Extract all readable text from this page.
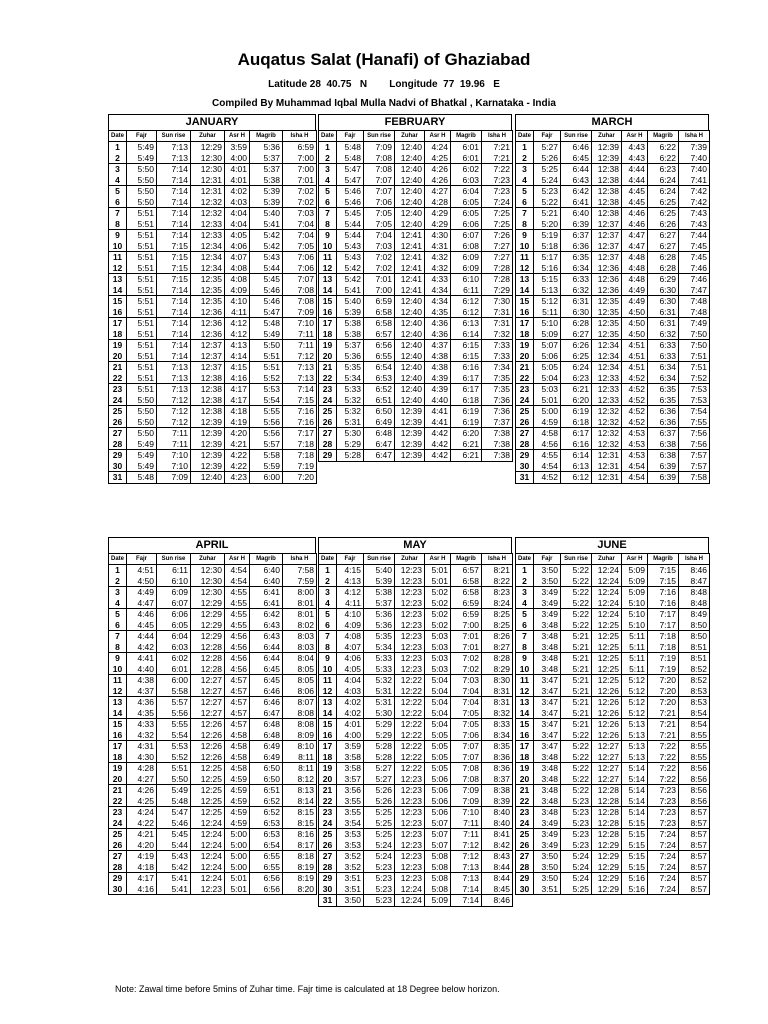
Auqatus Salat (Hanafi) of Ghaziabad
Latitude 28  40.75   N        Longitude  77  19.96   E
Compiled By Muhammad Iqbal Mulla Nadvi of Bhatkal , Karnataka - India
JANUARY
Date	Fajr	Sun rise	Zuhar	Asr H	Magrib	Isha H
1	5:49	7:13	12:29	3:59	5:36	6:59
2	5:49	7:13	12:30	4:00	5:37	7:00
3	5:50	7:14	12:30	4:01	5:37	7:00
4	5:50	7:14	12:31	4:01	5:38	7:01
5	5:50	7:14	12:31	4:02	5:39	7:02
6	5:50	7:14	12:32	4:03	5:39	7:02
7	5:51	7:14	12:32	4:04	5:40	7:03
8	5:51	7:14	12:33	4:04	5:41	7:04
9	5:51	7:14	12:33	4:05	5:42	7:04
10	5:51	7:15	12:34	4:06	5:42	7:05
11	5:51	7:15	12:34	4:07	5:43	7:06
12	5:51	7:15	12:34	4:08	5:44	7:06
13	5:51	7:15	12:35	4:08	5:45	7:07
14	5:51	7:14	12:35	4:09	5:46	7:08
15	5:51	7:14	12:35	4:10	5:46	7:08
16	5:51	7:14	12:36	4:11	5:47	7:09
17	5:51	7:14	12:36	4:12	5:48	7:10
18	5:51	7:14	12:36	4:12	5:49	7:11
19	5:51	7:14	12:37	4:13	5:50	7:11
20	5:51	7:14	12:37	4:14	5:51	7:12
21	5:51	7:13	12:37	4:15	5:51	7:13
22	5:51	7:13	12:38	4:16	5:52	7:13
23	5:51	7:13	12:38	4:17	5:53	7:14
24	5:50	7:12	12:38	4:17	5:54	7:15
25	5:50	7:12	12:38	4:18	5:55	7:16
26	5:50	7:12	12:39	4:19	5:56	7:16
27	5:50	7:11	12:39	4:20	5:56	7:17
28	5:49	7:11	12:39	4:21	5:57	7:18
29	5:49	7:10	12:39	4:22	5:58	7:18
30	5:49	7:10	12:39	4:22	5:59	7:19
31	5:48	7:09	12:40	4:23	6:00	7:20
FEBRUARY
Date	Fajr	Sun rise	Zuhar	Asr H	Magrib	Isha H
1	5:48	7:09	12:40	4:24	6:01	7:21
2	5:48	7:08	12:40	4:25	6:01	7:21
3	5:47	7:08	12:40	4:26	6:02	7:22
4	5:47	7:07	12:40	4:26	6:03	7:23
5	5:46	7:07	12:40	4:27	6:04	7:23
6	5:46	7:06	12:40	4:28	6:05	7:24
7	5:45	7:05	12:40	4:29	6:05	7:25
8	5:44	7:05	12:40	4:29	6:06	7:25
9	5:44	7:04	12:41	4:30	6:07	7:26
10	5:43	7:03	12:41	4:31	6:08	7:27
11	5:43	7:02	12:41	4:32	6:09	7:27
12	5:42	7:02	12:41	4:32	6:09	7:28
13	5:42	7:01	12:41	4:33	6:10	7:28
14	5:41	7:00	12:41	4:34	6:11	7:29
15	5:40	6:59	12:40	4:34	6:12	7:30
16	5:39	6:58	12:40	4:35	6:12	7:31
17	5:38	6:58	12:40	4:36	6:13	7:31
18	5:38	6:57	12:40	4:36	6:14	7:32
19	5:37	6:56	12:40	4:37	6:15	7:33
20	5:36	6:55	12:40	4:38	6:15	7:33
21	5:35	6:54	12:40	4:38	6:16	7:34
22	5:34	6:53	12:40	4:39	6:17	7:35
23	5:33	6:52	12:40	4:39	6:17	7:35
24	5:32	6:51	12:40	4:40	6:18	7:36
25	5:32	6:50	12:39	4:41	6:19	7:36
26	5:31	6:49	12:39	4:41	6:19	7:37
27	5:30	6:48	12:39	4:42	6:20	7:38
28	5:29	6:47	12:39	4:42	6:21	7:38
29	5:28	6:47	12:39	4:42	6:21	7:38
MARCH
Date	Fajr	Sun rise	Zuhar	Asr H	Magrib	Isha H
1	5:27	6:46	12:39	4:43	6:22	7:39
2	5:26	6:45	12:39	4:43	6:22	7:40
3	5:25	6:44	12:38	4:44	6:23	7:40
4	5:24	6:43	12:38	4:44	6:24	7:41
5	5:23	6:42	12:38	4:45	6:24	7:42
6	5:22	6:41	12:38	4:45	6:25	7:42
7	5:21	6:40	12:38	4:46	6:25	7:43
8	5:20	6:39	12:37	4:46	6:26	7:43
9	5:19	6:37	12:37	4:47	6:27	7:44
10	5:18	6:36	12:37	4:47	6:27	7:45
11	5:17	6:35	12:37	4:48	6:28	7:45
12	5:16	6:34	12:36	4:48	6:28	7:46
13	5:15	6:33	12:36	4:48	6:29	7:46
14	5:13	6:32	12:36	4:49	6:30	7:47
15	5:12	6:31	12:35	4:49	6:30	7:48
16	5:11	6:30	12:35	4:50	6:31	7:48
17	5:10	6:28	12:35	4:50	6:31	7:49
18	5:09	6:27	12:35	4:50	6:32	7:50
19	5:07	6:26	12:34	4:51	6:33	7:50
20	5:06	6:25	12:34	4:51	6:33	7:51
21	5:05	6:24	12:34	4:51	6:34	7:51
22	5:04	6:23	12:33	4:52	6:34	7:52
23	5:03	6:21	12:33	4:52	6:35	7:53
24	5:01	6:20	12:33	4:52	6:35	7:53
25	5:00	6:19	12:32	4:52	6:36	7:54
26	4:59	6:18	12:32	4:52	6:36	7:55
27	4:58	6:17	12:32	4:53	6:37	7:56
28	4:56	6:16	12:32	4:53	6:38	7:56
29	4:55	6:14	12:31	4:53	6:38	7:57
30	4:54	6:13	12:31	4:54	6:39	7:57
31	4:52	6:12	12:31	4:54	6:39	7:58
APRIL
Date	Fajr	Sun rise	Zuhar	Asr H	Magrib	Isha H
1	4:51	6:11	12:30	4:54	6:40	7:58
2	4:50	6:10	12:30	4:54	6:40	7:59
3	4:49	6:09	12:30	4:55	6:41	8:00
4	4:47	6:07	12:29	4:55	6:41	8:01
5	4:46	6:06	12:29	4:55	6:42	8:01
6	4:45	6:05	12:29	4:55	6:43	8:02
7	4:44	6:04	12:29	4:56	6:43	8:03
8	4:42	6:03	12:28	4:56	6:44	8:03
9	4:41	6:02	12:28	4:56	6:44	8:04
10	4:40	6:01	12:28	4:56	6:45	8:05
11	4:38	6:00	12:27	4:57	6:45	8:05
12	4:37	5:58	12:27	4:57	6:46	8:06
13	4:36	5:57	12:27	4:57	6:46	8:07
14	4:35	5:56	12:27	4:57	6:47	8:08
15	4:33	5:55	12:26	4:57	6:48	8:08
16	4:32	5:54	12:26	4:58	6:48	8:09
17	4:31	5:53	12:26	4:58	6:49	8:10
18	4:30	5:52	12:26	4:58	6:49	8:11
19	4:28	5:51	12:25	4:58	6:50	8:11
20	4:27	5:50	12:25	4:59	6:50	8:12
21	4:26	5:49	12:25	4:59	6:51	8:13
22	4:25	5:48	12:25	4:59	6:52	8:14
23	4:24	5:47	12:25	4:59	6:52	8:15
24	4:22	5:46	12:24	4:59	6:53	8:15
25	4:21	5:45	12:24	5:00	6:53	8:16
26	4:20	5:44	12:24	5:00	6:54	8:17
27	4:19	5:43	12:24	5:00	6:55	8:18
28	4:18	5:42	12:24	5:00	6:55	8:19
29	4:17	5:41	12:24	5:01	6:56	8:19
30	4:16	5:41	12:23	5:01	6:56	8:20
MAY
Date	Fajr	Sun rise	Zuhar	Asr H	Magrib	Isha H
1	4:15	5:40	12:23	5:01	6:57	8:21
2	4:13	5:39	12:23	5:01	6:58	8:22
3	4:12	5:38	12:23	5:02	6:58	8:23
4	4:11	5:37	12:23	5:02	6:59	8:24
5	4:10	5:36	12:23	5:02	6:59	8:25
6	4:09	5:36	12:23	5:02	7:00	8:25
7	4:08	5:35	12:23	5:03	7:01	8:26
8	4:07	5:34	12:23	5:03	7:01	8:27
9	4:06	5:33	12:23	5:03	7:02	8:28
10	4:05	5:33	12:23	5:03	7:02	8:29
11	4:04	5:32	12:22	5:04	7:03	8:30
12	4:03	5:31	12:22	5:04	7:04	8:31
13	4:02	5:31	12:22	5:04	7:04	8:31
14	4:02	5:30	12:22	5:04	7:05	8:32
15	4:01	5:29	12:22	5:04	7:05	8:33
16	4:00	5:29	12:22	5:05	7:06	8:34
17	3:59	5:28	12:22	5:05	7:07	8:35
18	3:58	5:28	12:22	5:05	7:07	8:36
19	3:58	5:27	12:22	5:05	7:08	8:36
20	3:57	5:27	12:23	5:06	7:08	8:37
21	3:56	5:26	12:23	5:06	7:09	8:38
22	3:55	5:26	12:23	5:06	7:09	8:39
23	3:55	5:25	12:23	5:06	7:10	8:40
24	3:54	5:25	12:23	5:07	7:11	8:40
25	3:53	5:25	12:23	5:07	7:11	8:41
26	3:53	5:24	12:23	5:07	7:12	8:42
27	3:52	5:24	12:23	5:08	7:12	8:43
28	3:52	5:23	12:23	5:08	7:13	8:44
29	3:51	5:23	12:23	5:08	7:13	8:44
30	3:51	5:23	12:24	5:08	7:14	8:45
31	3:50	5:23	12:24	5:09	7:14	8:46
JUNE
Date	Fajr	Sun rise	Zuhar	Asr H	Magrib	Isha H
1	3:50	5:22	12:24	5:09	7:15	8:46
2	3:50	5:22	12:24	5:09	7:15	8:47
3	3:49	5:22	12:24	5:09	7:16	8:48
4	3:49	5:22	12:24	5:10	7:16	8:48
5	3:49	5:22	12:24	5:10	7:17	8:49
6	3:48	5:22	12:25	5:10	7:17	8:50
7	3:48	5:21	12:25	5:11	7:18	8:50
8	3:48	5:21	12:25	5:11	7:18	8:51
9	3:48	5:21	12:25	5:11	7:19	8:51
10	3:48	5:21	12:25	5:11	7:19	8:52
11	3:47	5:21	12:25	5:12	7:20	8:52
12	3:47	5:21	12:26	5:12	7:20	8:53
13	3:47	5:21	12:26	5:12	7:20	8:53
14	3:47	5:21	12:26	5:12	7:21	8:54
15	3:47	5:21	12:26	5:13	7:21	8:54
16	3:47	5:22	12:26	5:13	7:21	8:55
17	3:47	5:22	12:27	5:13	7:22	8:55
18	3:48	5:22	12:27	5:13	7:22	8:55
19	3:48	5:22	12:27	5:14	7:22	8:56
20	3:48	5:22	12:27	5:14	7:22	8:56
21	3:48	5:22	12:28	5:14	7:23	8:56
22	3:48	5:23	12:28	5:14	7:23	8:56
23	3:48	5:23	12:28	5:14	7:23	8:57
24	3:49	5:23	12:28	5:15	7:23	8:57
25	3:49	5:23	12:28	5:15	7:24	8:57
26	3:49	5:23	12:29	5:15	7:24	8:57
27	3:50	5:24	12:29	5:15	7:24	8:57
28	3:50	5:24	12:29	5:15	7:24	8:57
29	3:50	5:24	12:29	5:16	7:24	8:57
30	3:51	5:25	12:29	5:16	7:24	8:57
Note: Zawal time before 5mins of Zuhar time. Fajr time is calculated at 18 Degree below horizon.
